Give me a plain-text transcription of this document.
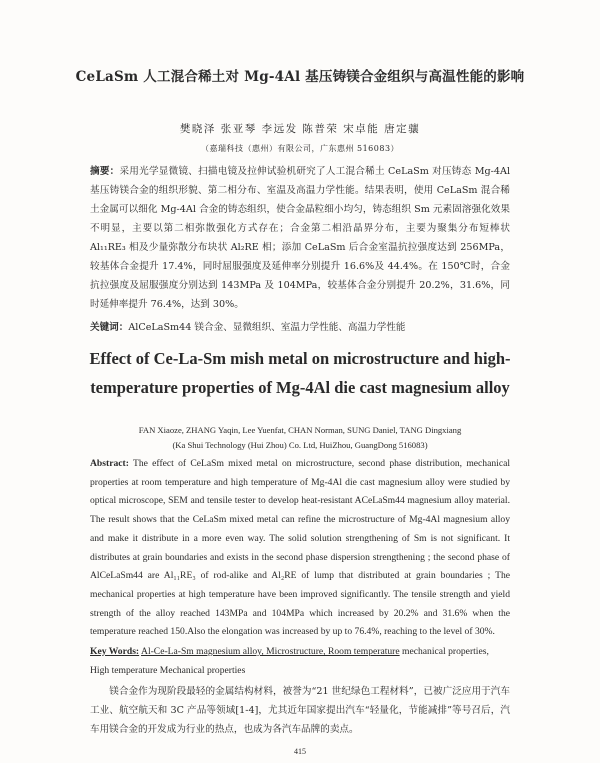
CeLaSm 人工混合稀土对 Mg-4Al 基压铸镁合金组织与高温性能的影响
樊晓泽 张亚琴 李远发 陈普荣 宋卓能 唐定骧
（嘉瑞科技（惠州）有限公司，广东惠州 516083）
摘要：采用光学显微镜、扫描电镜及拉伸试验机研究了人工混合稀土 CeLaSm 对压铸态 Mg-4Al 基压铸镁合金的组织形貌、第二相分布、室温及高温力学性能。结果表明，使用 CeLaSm 混合稀土金属可以细化 Mg-4Al 合金的铸态组织，使合金晶粒细小均匀，铸态组织 Sm 元素固溶强化效果不明显，主要以第二相弥散强化方式存在；合金第二相沿晶界分布，主要为聚集分布短棒状 Al₁₁RE₃ 相及少量弥散分布块状 Al₂RE 相；添加 CeLaSm 后合金室温抗拉强度达到 256MPa，较基体合金提升 17.4%，同时屈服强度及延伸率分别提升 16.6%及 44.4%。在 150℃时，合金抗拉强度及屈服强度分别达到 143MPa 及 104MPa，较基体合金分别提升 20.2%，31.6%，同时延伸率提升 76.4%，达到 30%。
关键词：AlCeLaSm44 镁合金、显微组织、室温力学性能、高温力学性能
Effect of Ce-La-Sm mish metal on microstructure and high-temperature properties of Mg-4Al die cast magnesium alloy
FAN Xiaoze, ZHANG Yaqin, Lee Yuenfat, CHAN Norman, SUNG Daniel, TANG Dingxiang
(Ka Shui Technology (Hui Zhou) Co. Ltd, HuiZhou, GuangDong 516083)
Abstract: The effect of CeLaSm mixed metal on microstructure, second phase distribution, mechanical properties at room temperature and high temperature of Mg-4Al die cast magnesium alloy were studied by optical microscope, SEM and tensile tester to develop heat-resistant ACeLaSm44 magnesium alloy material. The result shows that the CeLaSm mixed metal can refine the microstructure of Mg-4Al magnesium alloy and make it distribute in a more even way. The solid solution strengthening of Sm is not significant. It distributes at grain boundaries and exists in the second phase dispersion strengthening ; the second phase of AlCeLaSm44 are Al₁₁RE₃ of rod-alike and Al₂RE of lump that distributed at grain boundaries ; The mechanical properties at high temperature have been improved significantly. The tensile strength and yield strength of the alloy reached 143MPa and 104MPa which increased by 20.2% and 31.6% when the temperature reached 150.Also the elongation was increased by up to 76.4%, reaching to the level of 30%.
Key Words: Al-Ce-La-Sm magnesium alloy, Microstructure, Room temperature mechanical properties, High temperature Mechanical properties
镁合金作为现阶段最轻的金属结构材料，被誉为“21 世纪绿色工程材料”，已被广泛应用于汽车工业、航空航天和 3C 产品等领域[1-4]，尤其近年国家提出汽车“轻量化，节能减排”等号召后，汽车用镁合金的开发成为行业的热点，也成为各汽车品牌的卖点。
415
